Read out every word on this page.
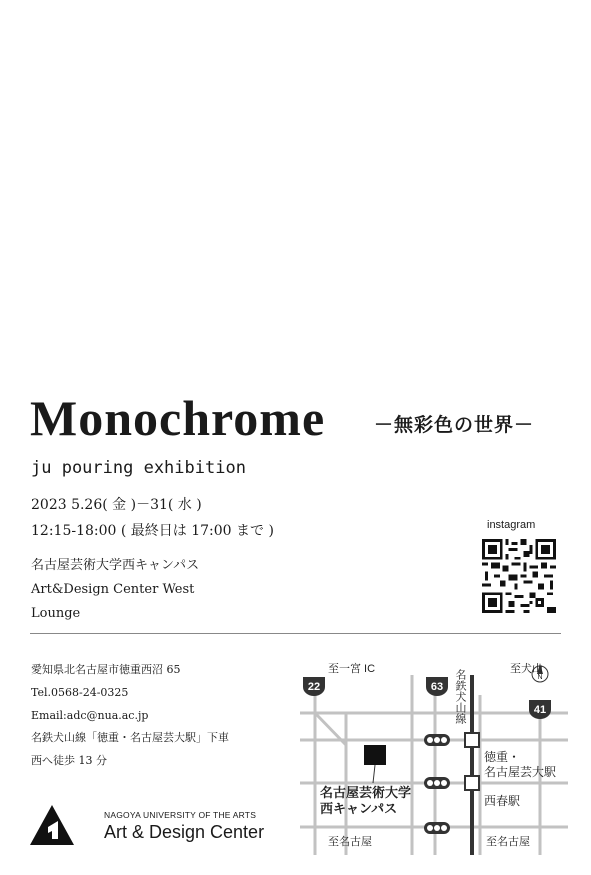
Monochrome	－無彩色の世界－
ju pouring exhibition
2023 5.26( 金 )－31( 水 )
12:15-18:00 ( 最終日は 17:00 まで )
名古屋芸術大学西キャンパス
Art&Design Center West
Lounge
instagram
愛知県北名古屋市徳重西沼 65
Tel.0568-24-0325
Email:adc@nua.ac.jp
名鉄犬山線「徳重・名古屋芸大駅」下車
西へ徒歩 13 分
NAGOYA UNIVERSITY OF THE ARTS
Art & Design Center
22	63
41
N
至一宮 IC	至犬山
至名古屋	至名古屋
名鉄犬山線
徳重・
名古屋芸大駅
西春駅
名古屋芸術大学
西キャンパス
